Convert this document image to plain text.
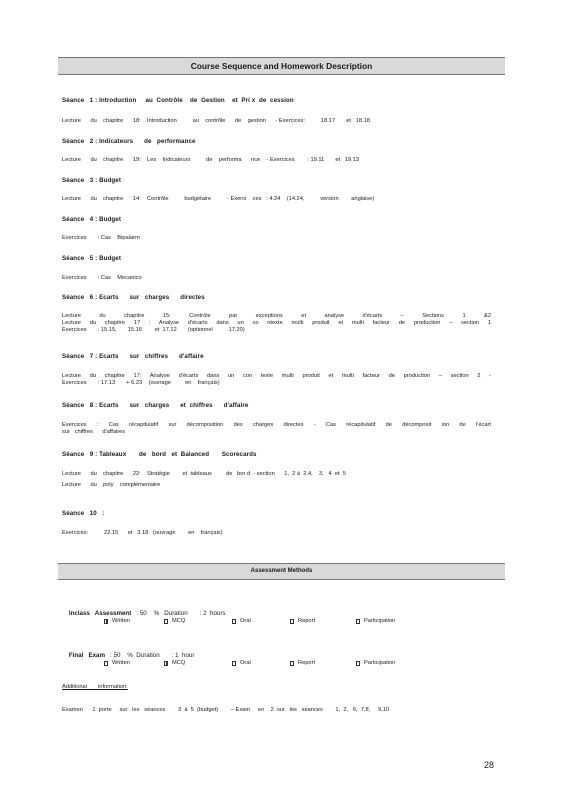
Course Sequence and Homework Description
Séance   1 : Introduction     au  Contrôle    de  Gestion    et  Pri x  de  cession
Lecture      du    chapitre      18:    Introduction          au    contrôle      de    gestion      - Exercices:          18.17       et   18.18
Séance   2 : Indicateurs      de   performance
Lecture      du    chapitre      19:    Les    Indicateurs          de    performa      nce    - Exercices        : 19.11       et   19.13
Séance   3 : Budget
Lecture      du    chapitre      14:    Contrôle          budgétaire          - Exerci    ces   : 4.24    (14.24,          version        anglaise)
Séance   4 : Budget
Exercices       : Cas    Bipalarm
Séance   5 : Budget
Exercices       : Cas    Mecanico
Séance   6 : Ecarts      sur   charges      directes
Lecture du chapitre 15: Contrôle par exceptions et analyse d'écarts – Sections 1 &2
Lecture du chapitre 17 : Analyse d'écarts dans un co ntexte multi produit et multi facteur de production – section 1
Exercices       : 15.15,       15.16        et  17.12       (optionnel          17.20)
Séance   7 : Ecarts      sur   chiffres      d'affaire
Lecture du chapitre 17: Analyse d'écarts dans un con texte multi produit et multi facteur de production – section 2 -
Exercices       : 17.13       + 6.23    (ouvrage         en    français)
Séance   8 : Ecarts      sur   charges      et  chiffres      d'affaire
Exercices : Cas récapitulatif sur décomposition des charges directes - Cas récapitulatif de décomposit ion de l'écart
sur   chiffres      d'affaires
Séance   9 : Tableaux       de   bord   et  Balanced       Scorecards
Lecture      du    chapitre      22:    Stratégie        et  tableaux         de   bor d  - section      1,  2 à  2.4,    3,   4  et  5
Lecture      du    poly    complémentaire
Séance   10   :
Exercices:          22.15      et   3.18   (ouvrage        en    français)
Assessment Methods

Inclass   Assessment   : 50    %   Duration       : 2  hours

Written	MCQ	Oral	Report	Participation

Final   Exam   : 50    %  Duration       : 1  hour

Written	MCQ	Oral	Report	Participation
Additional       information:
Examen      1  porte     sur   les   séances        3  à  5  (budget)        – Exam     en    2  sur   les   séances        1,  2,   6,  7,8,     9,10
28
